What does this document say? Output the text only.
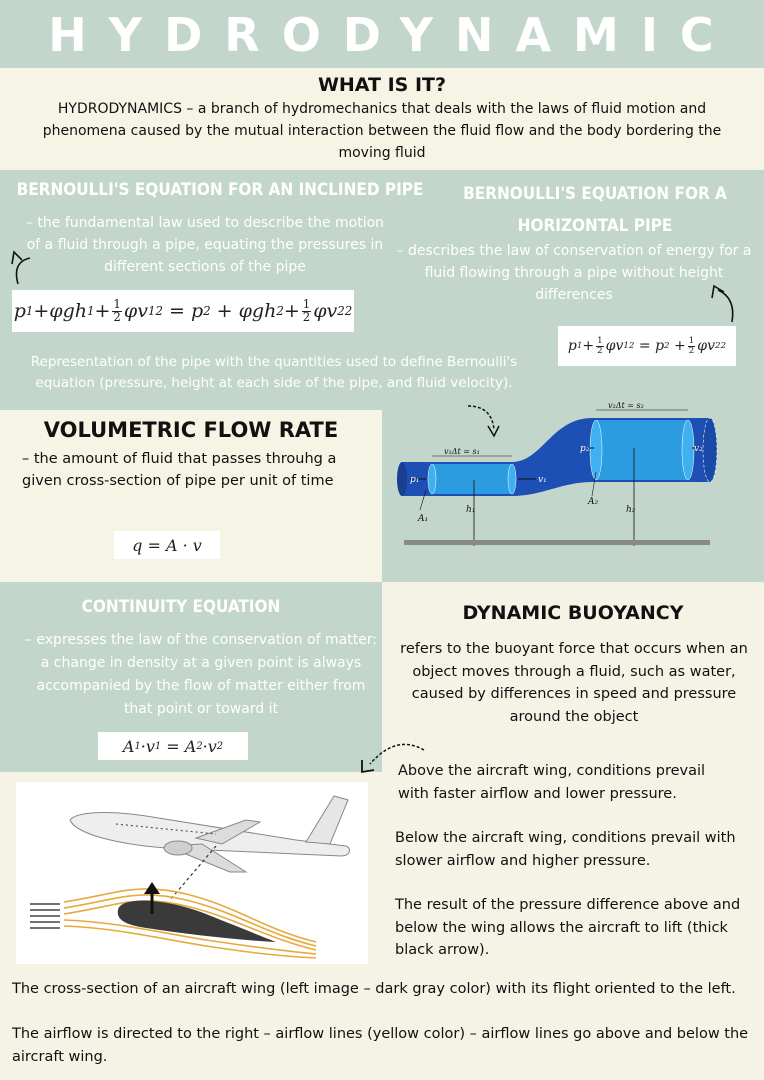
HYDRODYNAMIC
WHAT IS IT?
HYDRODYNAMICS – a branch of hydromechanics that deals with the laws of fluid motion and phenomena caused by the mutual interaction between the fluid flow and the body bordering the moving fluid
BERNOULLI'S EQUATION FOR AN INCLINED PIPE
– the fundamental law used to describe the motion of a fluid through a pipe, equating the pressures in different sections of the pipe
p 1 +φgh $1 + \frac{1}{2}$ φv 1 2 = p 2 + φgh $2 + \frac{1}{2}$ φv 2 2
BERNOULLI'S EQUATION FOR A HORIZONTAL PIPE
– describes the law of conservation of energy for a fluid flowing through a pipe without height differences
p $1 + \frac{1}{2}$ φv 1 2 = p $2 + \frac{1}{2}$ φv 2 2
Representation of the pipe with the quantities used to define Bernoulli's equation (pressure, height at each side of the pipe, and fluid velocity).
VOLUMETRIC FLOW RATE
– the amount of fluid that passes throuhg a given cross-section of pipe per unit of time
q = A · v
p₁	v₁
p₂	v₂
A₁
A₂
h₁	h₂
v₁Δt = s₁
v₂Δt = s₂
CONTINUITY EQUATION
– expresses the law of the conservation of matter: a change in density at a given point is always accompanied by the flow of matter either from that point or toward it
A 1 ·v 1 = A 2 ·v 2
DYNAMIC BUOYANCY
refers to the buoyant force that occurs when an object moves through a fluid, such as water, caused by differences in speed and pressure around the object
Above the aircraft wing, conditions prevail with faster airflow and lower pressure.
Below the aircraft wing, conditions prevail with slower airflow and higher pressure.
The result of the pressure difference above and below the wing allows the aircraft to lift (thick black arrow).
The cross-section of an aircraft wing (left image – dark gray color) with its flight oriented to the left.
The airflow is directed to the right – airflow lines (yellow color) – airflow lines go above and below the aircraft wing.
